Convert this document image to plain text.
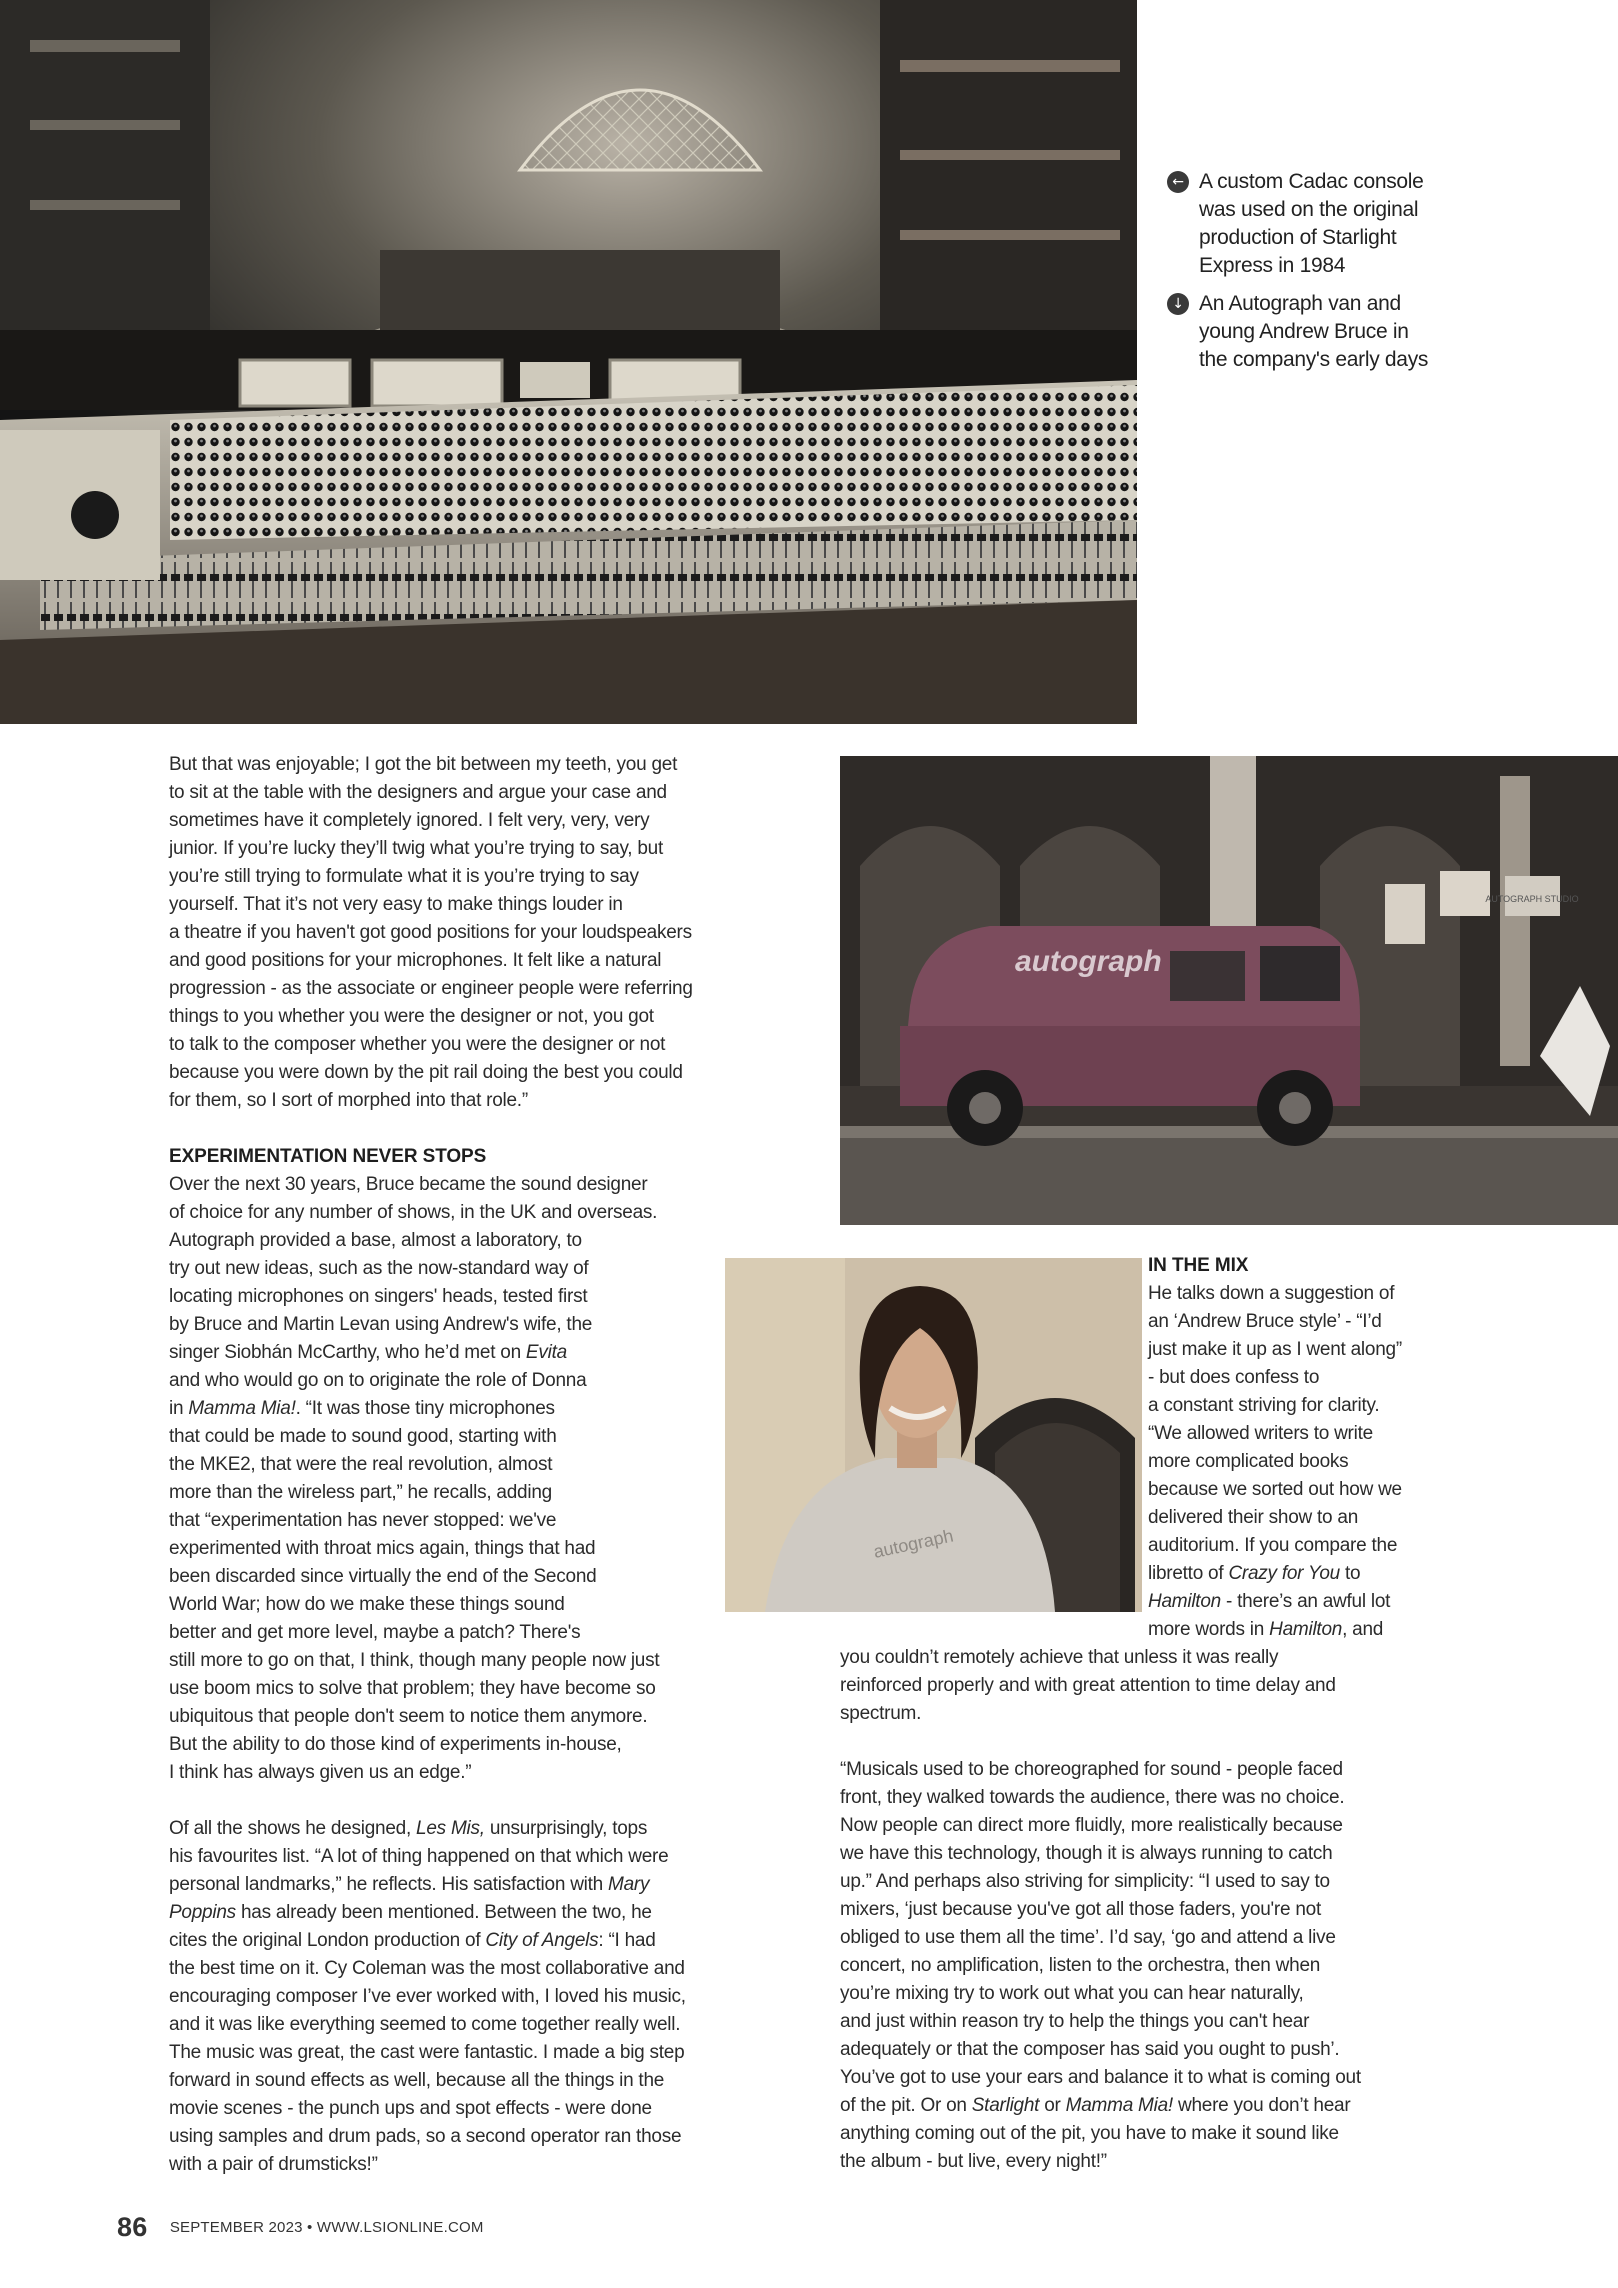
← A custom Cadac console
was used on the original
production of Starlight
Express in 1984
↓ An Autograph van and
young Andrew Bruce in
the company's early days
AUTOGRAPH STUDIO
autograph
autograph
But that was enjoyable; I got the bit between my teeth, you get
to sit at the table with the designers and argue your case and
sometimes have it completely ignored. I felt very, very, very
junior. If you’re lucky they’ll twig what you’re trying to say, but
you’re still trying to formulate what it is you’re trying to say
yourself. That it’s not very easy to make things louder in
a theatre if you haven't got good positions for your loudspeakers
and good positions for your microphones. It felt like a natural
progression - as the associate or engineer people were referring
things to you whether you were the designer or not, you got
to talk to the composer whether you were the designer or not
because you were down by the pit rail doing the best you could
for them, so I sort of morphed into that role.”
EXPERIMENTATION NEVER STOPS
Over the next 30 years, Bruce became the sound designer
of choice for any number of shows, in the UK and overseas.
Autograph provided a base, almost a laboratory, to
try out new ideas, such as the now-standard way of
locating microphones on singers' heads, tested first
by Bruce and Martin Levan using Andrew's wife, the
singer Siobhán McCarthy, who he’d met on Evita
and who would go on to originate the role of Donna
in Mamma Mia!. “It was those tiny microphones
that could be made to sound good, starting with
the MKE2, that were the real revolution, almost
more than the wireless part,” he recalls, adding
that “experimentation has never stopped: we've
experimented with throat mics again, things that had
been discarded since virtually the end of the Second
World War; how do we make these things sound
better and get more level, maybe a patch? There's
still more to go on that, I think, though many people now just
use boom mics to solve that problem; they have become so
ubiquitous that people don't seem to notice them anymore.
But the ability to do those kind of experiments in-house,
I think has always given us an edge.”
Of all the shows he designed, Les Mis, unsurprisingly, tops
his favourites list. “A lot of thing happened on that which were
personal landmarks,” he reflects. His satisfaction with Mary
Poppins has already been mentioned. Between the two, he
cites the original London production of City of Angels: “I had
the best time on it. Cy Coleman was the most collaborative and
encouraging composer I’ve ever worked with, I loved his music,
and it was like everything seemed to come together really well.
The music was great, the cast were fantastic. I made a big step
forward in sound effects as well, because all the things in the
movie scenes - the punch ups and spot effects - were done
using samples and drum pads, so a second operator ran those
with a pair of drumsticks!”
IN THE MIX
He talks down a suggestion of
an ‘Andrew Bruce style’ - “I’d
just make it up as I went along”
- but does confess to
a constant striving for clarity.
“We allowed writers to write
more complicated books
because we sorted out how we
delivered their show to an
auditorium. If you compare the
libretto of Crazy for You to
Hamilton - there’s an awful lot
more words in Hamilton, and
you couldn’t remotely achieve that unless it was really
reinforced properly and with great attention to time delay and
spectrum.
“Musicals used to be choreographed for sound - people faced
front, they walked towards the audience, there was no choice.
Now people can direct more fluidly, more realistically because
we have this technology, though it is always running to catch
up.” And perhaps also striving for simplicity: “I used to say to
mixers, ‘just because you've got all those faders, you're not
obliged to use them all the time’. I’d say, ‘go and attend a live
concert, no amplification, listen to the orchestra, then when
you’re mixing try to work out what you can hear naturally,
and just within reason try to help the things you can't hear
adequately or that the composer has said you ought to push’.
You’ve got to use your ears and balance it to what is coming out
of the pit. Or on Starlight or Mamma Mia! where you don’t hear
anything coming out of the pit, you have to make it sound like
the album - but live, every night!”
86 SEPTEMBER 2023 • WWW.LSIONLINE.COM
